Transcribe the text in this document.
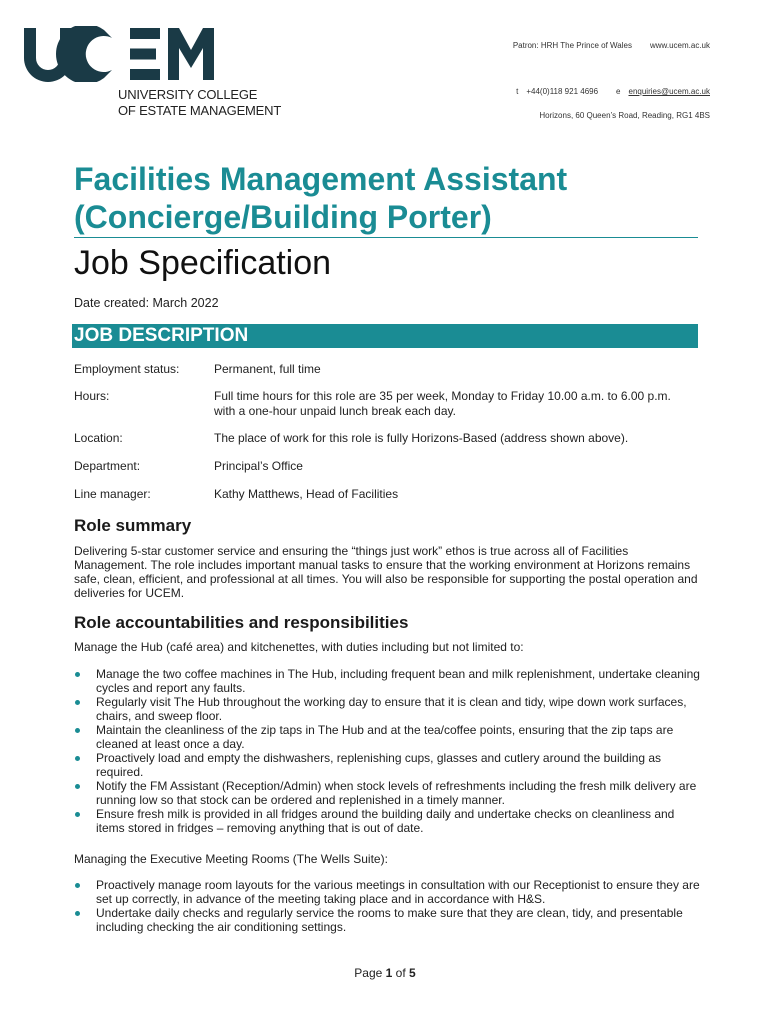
UNIVERSITY COLLEGE
OF ESTATE MANAGEMENT
Patron: HRH The Prince of Wales www.ucem.ac.uk
t +44(0)118 921 4696 e enquiries@ucem.ac.uk
Horizons, 60 Queen’s Road, Reading, RG1 4BS
Facilities Management Assistant
(Concierge/Building Porter)
Job Specification
Date created: March 2022
JOB DESCRIPTION
Employment status:	Permanent, full time
Hours:	Full time hours for this role are 35 per week, Monday to Friday 10.00 a.m. to 6.00 p.m. with a one-hour unpaid lunch break each day.
Location:	The place of work for this role is fully Horizons-Based (address shown above).
Department:	Principal’s Office
Line manager:	Kathy Matthews, Head of Facilities
Role summary

Delivering 5-star customer service and ensuring the “things just work” ethos is true across all of Facilities Management. The role includes important manual tasks to ensure that the working environment at Horizons remains safe, clean, efficient, and professional at all times. You will also be responsible for supporting the postal operation and deliveries for UCEM.

Role accountabilities and responsibilities

Manage the Hub (café area) and kitchenettes, with duties including but not limited to:

Manage the two coffee machines in The Hub, including frequent bean and milk replenishment, undertake cleaning cycles and report any faults.
Regularly visit The Hub throughout the working day to ensure that it is clean and tidy, wipe down work surfaces, chairs, and sweep floor.
Maintain the cleanliness of the zip taps in The Hub and at the tea/coffee points, ensuring that the zip taps are cleaned at least once a day.
Proactively load and empty the dishwashers, replenishing cups, glasses and cutlery around the building as required.
Notify the FM Assistant (Reception/Admin) when stock levels of refreshments including the fresh milk delivery are running low so that stock can be ordered and replenished in a timely manner.
Ensure fresh milk is provided in all fridges around the building daily and undertake checks on cleanliness and items stored in fridges – removing anything that is out of date.

Managing the Executive Meeting Rooms (The Wells Suite):

Proactively manage room layouts for the various meetings in consultation with our Receptionist to ensure they are set up correctly, in advance of the meeting taking place and in accordance with H&S.
Undertake daily checks and regularly service the rooms to make sure that they are clean, tidy, and presentable including checking the air conditioning settings.
Page 1 of 5
